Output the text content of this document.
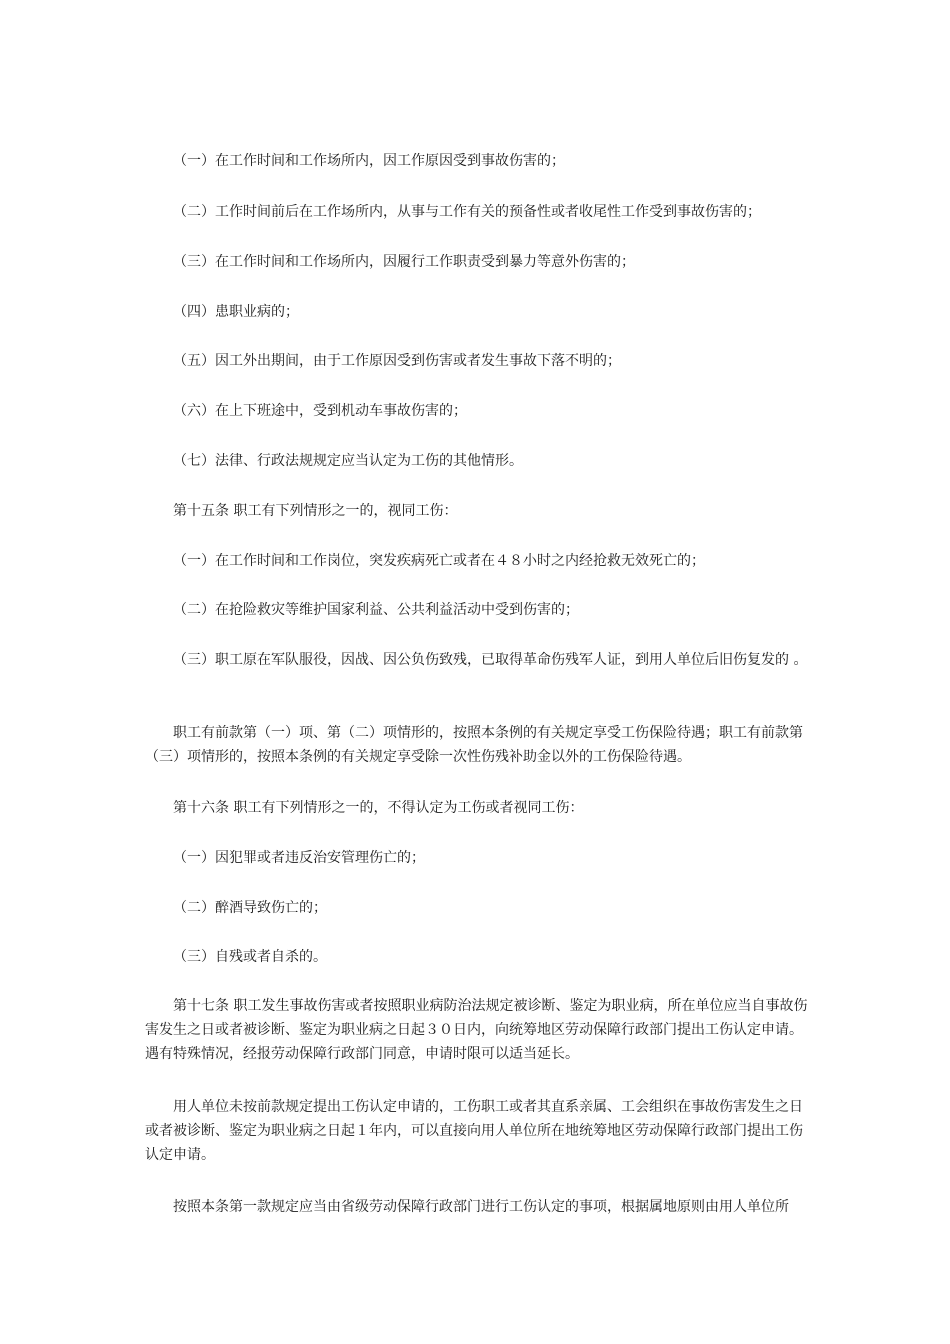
（一）在工作时间和工作场所内，因工作原因受到事故伤害的；

（二）工作时间前后在工作场所内，从事与工作有关的预备性或者收尾性工作受到事故伤害的；

（三）在工作时间和工作场所内，因履行工作职责受到暴力等意外伤害的；

（四）患职业病的；

（五）因工外出期间，由于工作原因受到伤害或者发生事故下落不明的；

（六）在上下班途中，受到机动车事故伤害的；

（七）法律、行政法规规定应当认定为工伤的其他情形。

第十五条 职工有下列情形之一的，视同工伤：

（一）在工作时间和工作岗位，突发疾病死亡或者在４８小时之内经抢救无效死亡的；

（二）在抢险救灾等维护国家利益、公共利益活动中受到伤害的；

（三）职工原在军队服役，因战、因公负伤致残，已取得革命伤残军人证，到用人单位后旧伤复发的 。

职工有前款第（一）项、第（二）项情形的，按照本条例的有关规定享受工伤保险待遇；职工有前款第（三）项情形的，按照本条例的有关规定享受除一次性伤残补助金以外的工伤保险待遇。

第十六条 职工有下列情形之一的，不得认定为工伤或者视同工伤：

（一）因犯罪或者违反治安管理伤亡的；

（二）醉酒导致伤亡的；

（三）自残或者自杀的。

第十七条 职工发生事故伤害或者按照职业病防治法规定被诊断、鉴定为职业病，所在单位应当自事故伤害发生之日或者被诊断、鉴定为职业病之日起３０日内，向统筹地区劳动保障行政部门提出工伤认定申请。遇有特殊情况，经报劳动保障行政部门同意，申请时限可以适当延长。

用人单位未按前款规定提出工伤认定申请的，工伤职工或者其直系亲属、工会组织在事故伤害发生之日或者被诊断、鉴定为职业病之日起１年内，可以直接向用人单位所在地统筹地区劳动保障行政部门提出工伤认定申请。

按照本条第一款规定应当由省级劳动保障行政部门进行工伤认定的事项，根据属地原则由用人单位所
